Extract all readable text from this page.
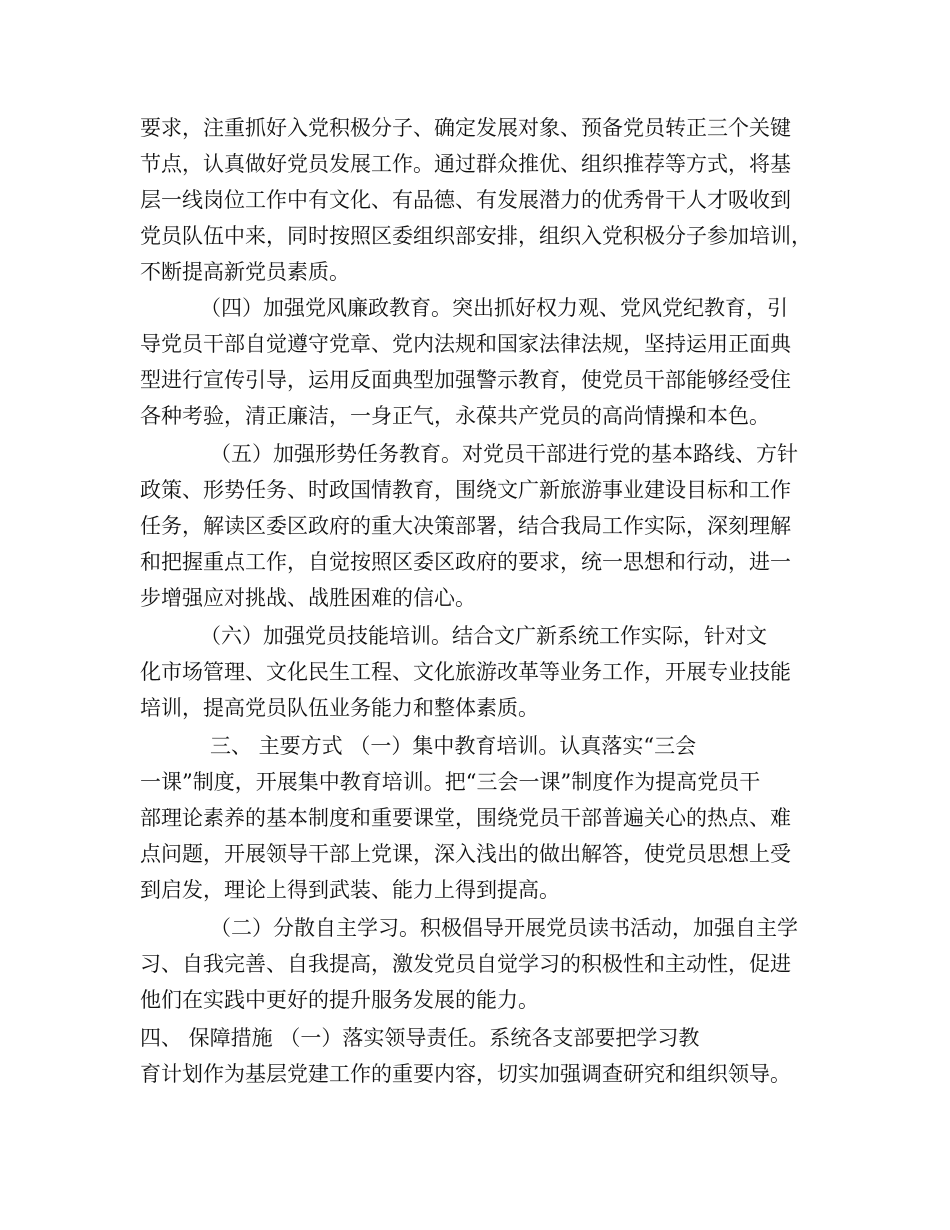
要求，注重抓好入党积极分子、确定发展对象、预备党员转正三个关键
节点，认真做好党员发展工作。通过群众推优、组织推荐等方式，将基
层一线岗位工作中有文化、有品德、有发展潜力的优秀骨干人才吸收到
党员队伍中来，同时按照区委组织部安排，组织入党积极分子参加培训，
不断提高新党员素质。
（四）加强党风廉政教育。突出抓好权力观、党风党纪教育，引
导党员干部自觉遵守党章、党内法规和国家法律法规，坚持运用正面典
型进行宣传引导，运用反面典型加强警示教育，使党员干部能够经受住
各种考验，清正廉洁，一身正气，永葆共产党员的高尚情操和本色。
（五）加强形势任务教育。对党员干部进行党的基本路线、方针
政策、形势任务、时政国情教育，围绕文广新旅游事业建设目标和工作
任务，解读区委区政府的重大决策部署，结合我局工作实际，深刻理解
和把握重点工作，自觉按照区委区政府的要求，统一思想和行动，进一
步增强应对挑战、战胜困难的信心。
（六）加强党员技能培训。结合文广新系统工作实际，针对文
化市场管理、文化民生工程、文化旅游改革等业务工作，开展专业技能
培训，提高党员队伍业务能力和整体素质。
三、 主要方式 （一）集中教育培训。认真落实“三会
一课”制度，开展集中教育培训。把“三会一课”制度作为提高党员干
部理论素养的基本制度和重要课堂，围绕党员干部普遍关心的热点、难
点问题，开展领导干部上党课，深入浅出的做出解答，使党员思想上受
到启发，理论上得到武装、能力上得到提高。
（二）分散自主学习。积极倡导开展党员读书活动，加强自主学
习、自我完善、自我提高，激发党员自觉学习的积极性和主动性，促进
他们在实践中更好的提升服务发展的能力。
四、 保障措施 （一）落实领导责任。系统各支部要把学习教
育计划作为基层党建工作的重要内容，切实加强调查研究和组织领导。
